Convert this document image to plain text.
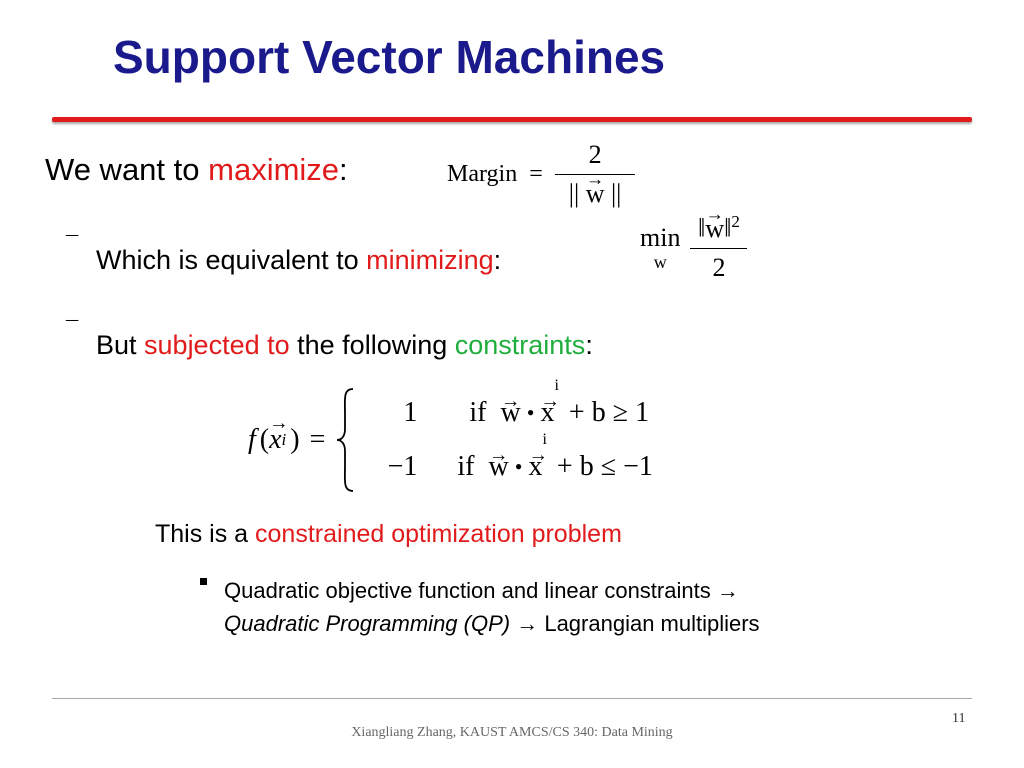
Support Vector Machines
We want to maximize:	Margin = $\frac{2}{|| \to w ||}$
¯
Which is equivalent to minimizing:
min
w $\frac{‖\to w‖^2}{2}$
¯
But subjected to the following constraints:
f ( → x i ) =
1 if → w • → x
i
+ b ≥ 1
−1 if → w • → x
i
+ b ≤ −1
This is a constrained optimization problem
Quadratic objective function and linear constraints →
Quadratic Programming (QP) → Lagrangian multipliers
11
Xiangliang Zhang, KAUST AMCS/CS 340: Data Mining
